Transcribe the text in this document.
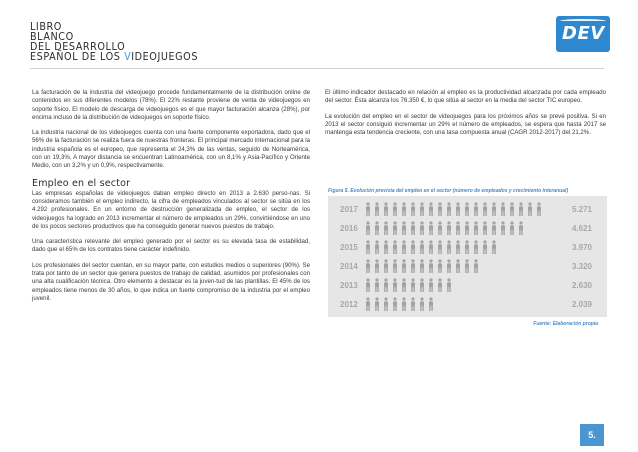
LIBRO
BLANCO
DEL DESARROLLO
ESPAÑOL DE LOS VIDEOJUEGOS
DEV

La facturación de la industria del videojuego procede fundamentalmente de la distribución online de contenidos en sus diferentes modelos (78%). El 22% restante proviene de venta de videojuegos en soporte físico. El modelo de descarga de videojuegos es el que mayor facturación alcanza (28%), por encima incluso de la distribución de videojuegos en soporte físico.

La industria nacional de los videojuegos cuenta con una fuerte componente exportadora, dado que el 56% de la facturación se realiza fuera de nuestras fronteras. El principal mercado internacional para la industria española es el europeo, que representa el 24,3% de las ventas, seguido de Norteamérica, con un 19,3%. A mayor distancia se encuentran Latinoamérica, con un 8,1% y Asia-Pacífico y Oriente Medio, con un 3,2% y un 0,9%, respectivamente.

Empleo en el sector

Las empresas españolas de videojuegos daban empleo directo en 2013 a 2.630 perso-nas. Si consideramos también el empleo indirecto, la cifra de empleados vinculados al sector se sitúa en los 4.292 profesionales. En un entorno de destrucción generalizada de empleo, el sector de los videojuegos ha logrado en 2013 incrementar el número de empleados un 29%, convirtiéndose en uno de los pocos sectores productivos que ha conseguido generar nuevos puestos de trabajo.

Una característica relevante del empleo generado por el sector es su elevada tasa de estabilidad, dado que el 65% de los contratos tiene carácter indefinido.

Los profesionales del sector cuentan, en su mayor parte, con estudios medios o superiores (90%). Se trata por tanto de un sector que genera puestos de trabajo de calidad, asumidos por profesionales con una alta cualificación técnica. Otro elemento a destacar es la juven-tud de las plantillas. El 45% de los empleados tiene menos de 30 años, lo que indica un fuerte compromiso de la industria por el empleo juvenil.

El último indicador destacado en relación al empleo es la productividad alcanzada por cada empleado del sector. Ésta alcanza los 76.350 €, lo que sitúa al sector en la media del sector TIC europeo.

La evolución del empleo en el sector de videojuegos para los próximos años se prevé positiva. Si en 2013 el sector consiguió incrementar un 29% el número de empleados, se espera que hasta 2017 se mantenga esta tendencia creciente, con una tasa compuesta anual (CAGR 2012-2017) del 21,2%.

Figura 5. Evolución prevista del empleo en el sector (número de empleados y crecimiento interanual)
2017	5.271
2016	4.621
2015	3.970
2014	3.320
2013	2.630
2012	2.039
Fuente: Elaboración propia
5.
